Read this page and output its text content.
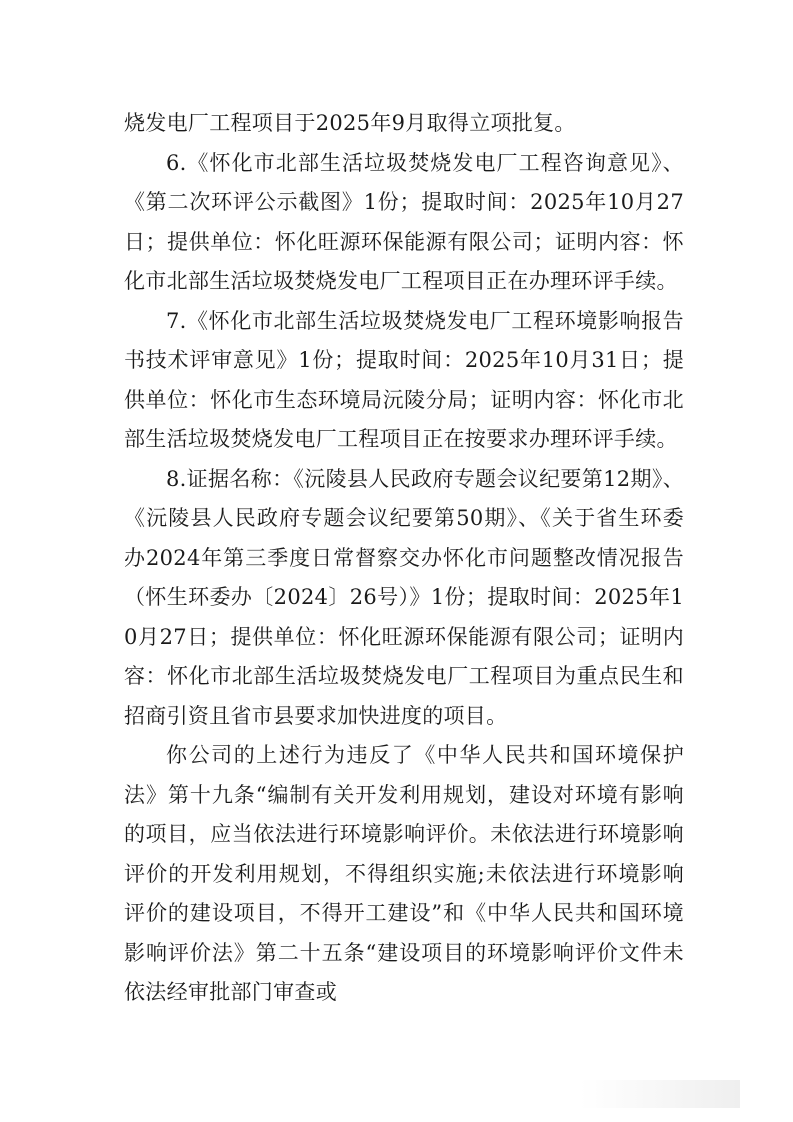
烧发电厂工程项目于2025年9月取得立项批复。

6.《怀化市北部生活垃圾焚烧发电厂工程咨询意见》、《第二次环评公示截图》1份；提取时间：2025年10月27日；提供单位：怀化旺源环保能源有限公司；证明内容：怀化市北部生活垃圾焚烧发电厂工程项目正在办理环评手续。

7.《怀化市北部生活垃圾焚烧发电厂工程环境影响报告书技术评审意见》1份；提取时间：2025年10月31日；提供单位：怀化市生态环境局沅陵分局；证明内容：怀化市北部生活垃圾焚烧发电厂工程项目正在按要求办理环评手续。

8.证据名称：《沅陵县人民政府专题会议纪要第12期》、《沅陵县人民政府专题会议纪要第50期》、《关于省生环委办2024年第三季度日常督察交办怀化市问题整改情况报告（怀生环委办〔2024〕26号）》1份；提取时间：2025年10月27日；提供单位：怀化旺源环保能源有限公司；证明内容：怀化市北部生活垃圾焚烧发电厂工程项目为重点民生和招商引资且省市县要求加快进度的项目。

你公司的上述行为违反了《中华人民共和国环境保护法》第十九条“编制有关开发利用规划，建设对环境有影响的项目，应当依法进行环境影响评价。未依法进行环境影响评价的开发利用规划，不得组织实施;未依法进行环境影响评价的建设项目，不得开工建设”和《中华人民共和国环境影响评价法》第二十五条“建设项目的环境影响评价文件未依法经审批部门审查或
